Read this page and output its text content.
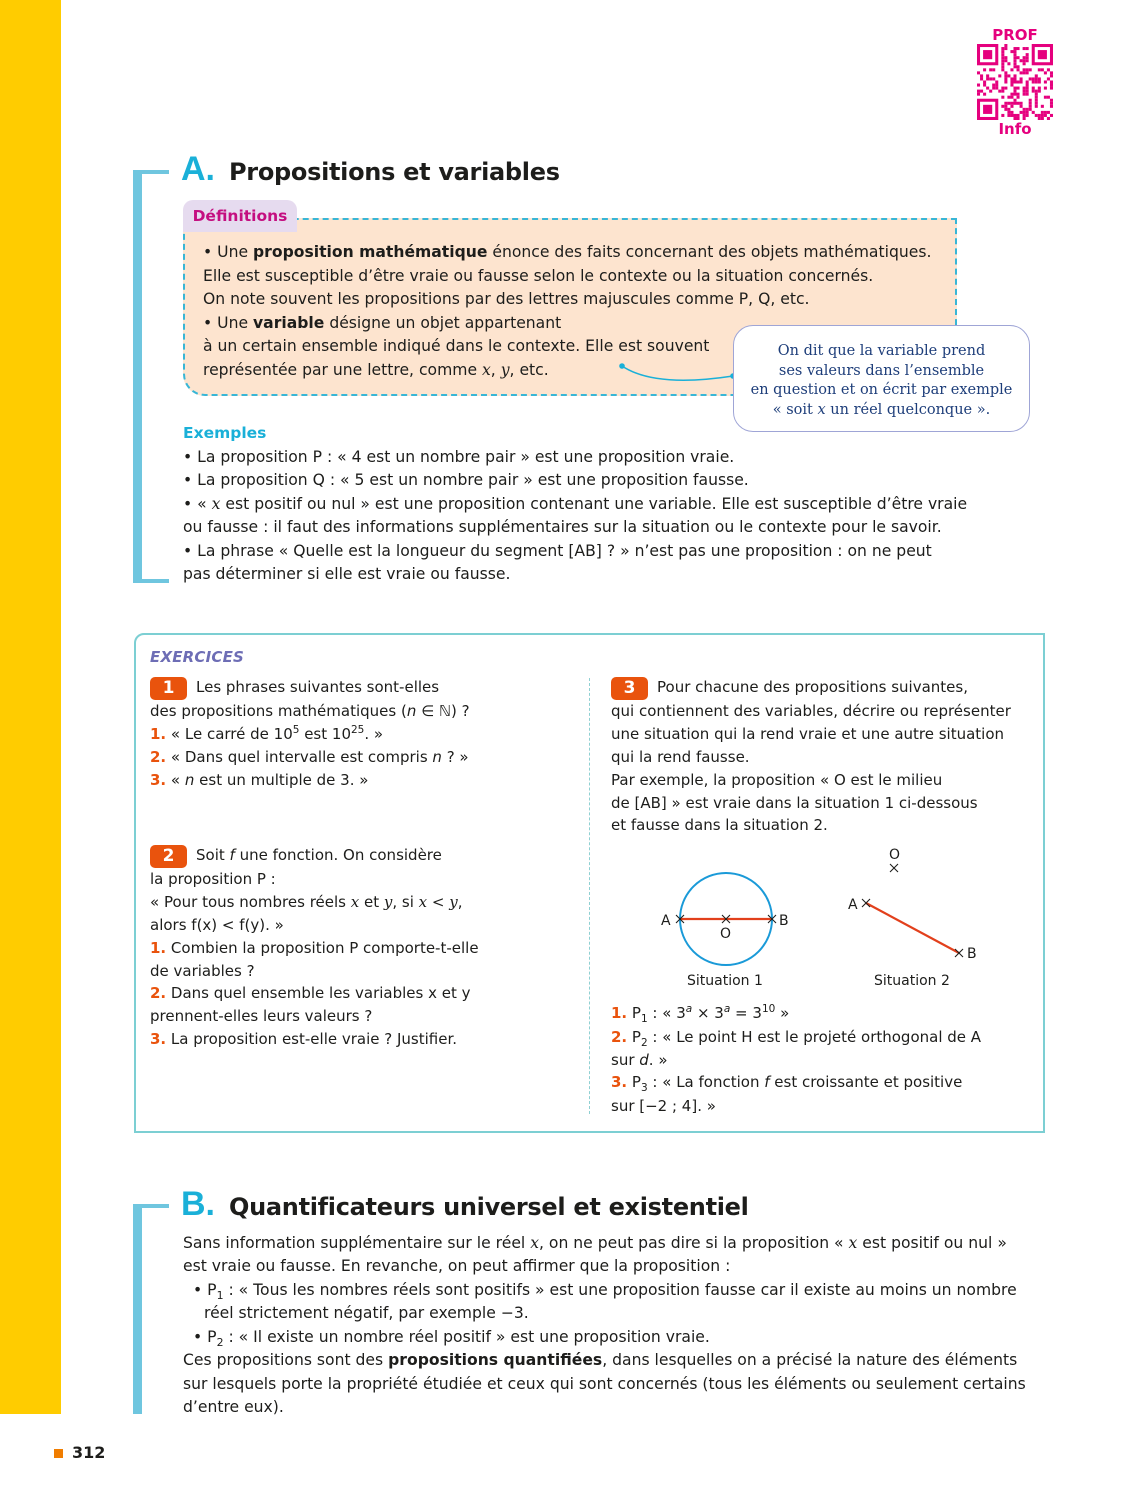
PROF
Info
A. Propositions et variables
Définitions
• Une proposition mathématique énonce des faits concernant des objets mathématiques.
Elle est susceptible d’être vraie ou fausse selon le contexte ou la situation concernés.
On note souvent les propositions par des lettres majuscules comme P, Q, etc.
• Une variable désigne un objet appartenant
à un certain ensemble indiqué dans le contexte. Elle est souvent
représentée par une lettre, comme x, y, etc.
On dit que la variable prend
ses valeurs dans l’ensemble
en question et on écrit par exemple
« soit x un réel quelconque ».
Exemples
• La proposition P : « 4 est un nombre pair » est une proposition vraie.
• La proposition Q : « 5 est un nombre pair » est une proposition fausse.
• « x est positif ou nul » est une proposition contenant une variable. Elle est susceptible d’être vraie
ou fausse : il faut des informations supplémentaires sur la situation ou le contexte pour le savoir.
• La phrase « Quelle est la longueur du segment [AB] ? » n’est pas une proposition : on ne peut
pas déterminer si elle est vraie ou fausse.
EXERCICES
1 Les phrases suivantes sont-elles
des propositions mathématiques (n ∈ ℕ) ?
1. « Le carré de $10^5$ est $10^{25}$. »
2. « Dans quel intervalle est compris n ? »
3. « n est un multiple de 3. »
2 Soit f une fonction. On considère
la proposition P :
« Pour tous nombres réels x et y, si x < y,
alors f(x) < f(y). »
1. Combien la proposition P comporte-t-elle
de variables ?
2. Dans quel ensemble les variables x et y
prennent-elles leurs valeurs ?
3. La proposition est-elle vraie ? Justifier.
3 Pour chacune des propositions suivantes,
qui contiennent des variables, décrire ou représenter
une situation qui la rend vraie et une autre situation
qui la rend fausse.
Par exemple, la proposition « O est le milieu
de [AB] » est vraie dans la situation 1 ci-dessous
et fausse dans la situation 2.
A	B
O
Situation 1
O
A
B
Situation 2
1. $P_1$ : « $3^a \times 3^a = 3^{10}$ »
2. $P_2$ : « Le point H est le projeté orthogonal de A
sur d. »
3. $P_3$ : « La fonction f est croissante et positive
sur [−2 ; 4]. »
B. Quantificateurs universel et existentiel
Sans information supplémentaire sur le réel x, on ne peut pas dire si la proposition « x est positif ou nul »
est vraie ou fausse. En revanche, on peut affirmer que la proposition :
• $P_1$ : « Tous les nombres réels sont positifs » est une proposition fausse car il existe au moins un nombre
réel strictement négatif, par exemple −3.
• $P_2$ : « Il existe un nombre réel positif » est une proposition vraie.
Ces propositions sont des propositions quantifiées, dans lesquelles on a précisé la nature des éléments
sur lesquels porte la propriété étudiée et ceux qui sont concernés (tous les éléments ou seulement certains
d’entre eux).
312
